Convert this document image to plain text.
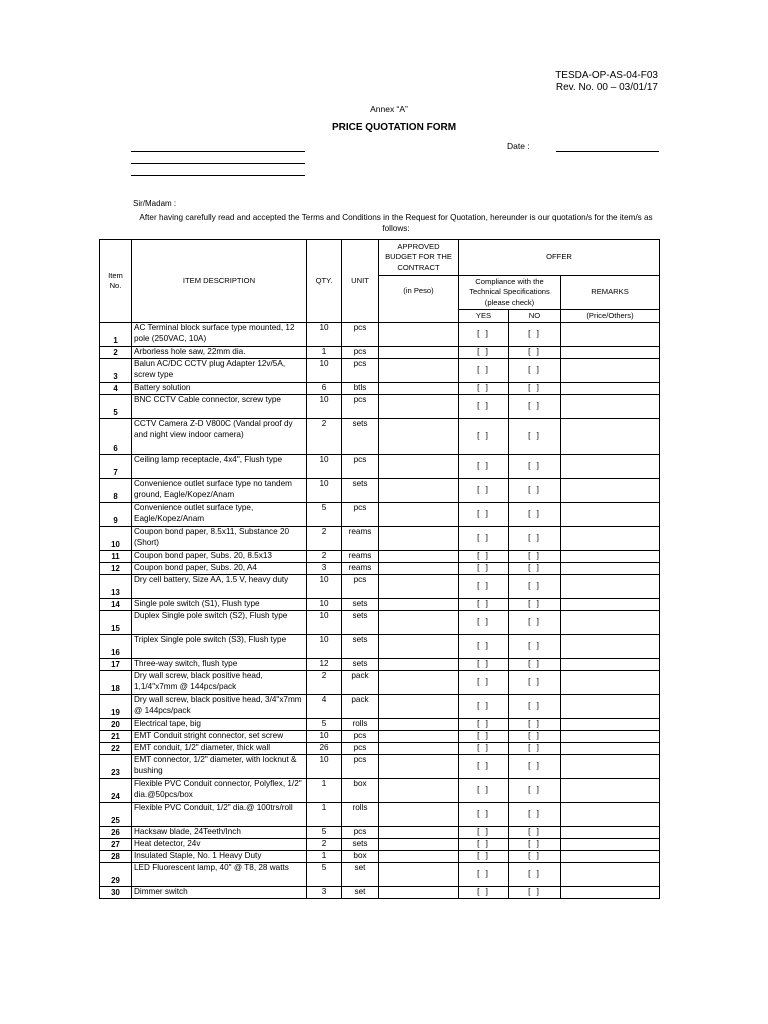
TESDA-OP-AS-04-F03
Rev. No. 00 – 03/01/17
Annex “A”
PRICE QUOTATION FORM
Date :
Sir/Madam :
After having carefully read and accepted the Terms and Conditions in the Request for Quotation, hereunder is our quotation/s for the item/s as follows:
Item No.	ITEM DESCRIPTION	QTY.	UNIT	APPROVED BUDGET FOR THE CONTRACT	OFFER		
				(in Peso)	Compliance with the Technical Specifications (please check)		REMARKS
					YES	NO	(Price/Others)
1	AC Terminal block surface type mounted, 12 pole (250VAC, 10A)	10	pcs		[ ]	[ ]	
2	Arborless hole saw, 22mm dia.	1	pcs		[ ]	[ ]	
3	Balun AC/DC CCTV plug Adapter 12v/5A, screw type	10	pcs		[ ]	[ ]	
4	Battery solution	6	btls		[ ]	[ ]	
5	BNC CCTV Cable connector, screw type	10	pcs		[ ]	[ ]	
6	CCTV Camera Z-D V800C (Vandal proof dy and night view indoor camera)	2	sets		[ ]	[ ]	
7	Ceiling lamp receptacle, 4x4", Flush type	10	pcs		[ ]	[ ]	
8	Convenience outlet surface type no tandem ground, Eagle/Kopez/Anam	10	sets		[ ]	[ ]	
9	Convenience outlet surface type, Eagle/Kopez/Anam	5	pcs		[ ]	[ ]	
10	Coupon bond paper, 8.5x11, Substance 20 (Short)	2	reams		[ ]	[ ]	
11	Coupon bond paper, Subs. 20, 8.5x13	2	reams		[ ]	[ ]	
12	Coupon bond paper, Subs. 20, A4	3	reams		[ ]	[ ]	
13	Dry cell battery, Size AA, 1.5 V, heavy duty	10	pcs		[ ]	[ ]	
14	Single pole switch (S1), Flush type	10	sets		[ ]	[ ]	
15	Duplex Single pole switch (S2), Flush type	10	sets		[ ]	[ ]	
16	Triplex Single pole switch (S3), Flush type	10	sets		[ ]	[ ]	
17	Three-way switch, flush type	12	sets		[ ]	[ ]	
18	Dry wall screw, black positive head, 1,1/4"x7mm @ 144pcs/pack	2	pack		[ ]	[ ]	
19	Dry wall screw, black positive head, 3/4"x7mm @ 144pcs/pack	4	pack		[ ]	[ ]	
20	Electrical tape, big	5	rolls		[ ]	[ ]	
21	EMT Conduit stright connector, set screw	10	pcs		[ ]	[ ]	
22	EMT conduit, 1/2" diameter, thick wall	26	pcs		[ ]	[ ]	
23	EMT connector, 1/2" diameter, with locknut & bushing	10	pcs		[ ]	[ ]	
24	Flexible PVC Conduit connector, Polyflex, 1/2" dia.@50pcs/box	1	box		[ ]	[ ]	
25	Flexible PVC Conduit, 1/2" dia.@ 100trs/roll	1	rolls		[ ]	[ ]	
26	Hacksaw blade, 24Teeth/Inch	5	pcs		[ ]	[ ]	
27	Heat detector, 24v	2	sets		[ ]	[ ]	
28	Insulated Staple, No. 1 Heavy Duty	1	box		[ ]	[ ]	
29	LED Fluorescent lamp, 40" @ T8, 28 watts	5	set		[ ]	[ ]	
30	Dimmer switch	3	set		[ ]	[ ]	
